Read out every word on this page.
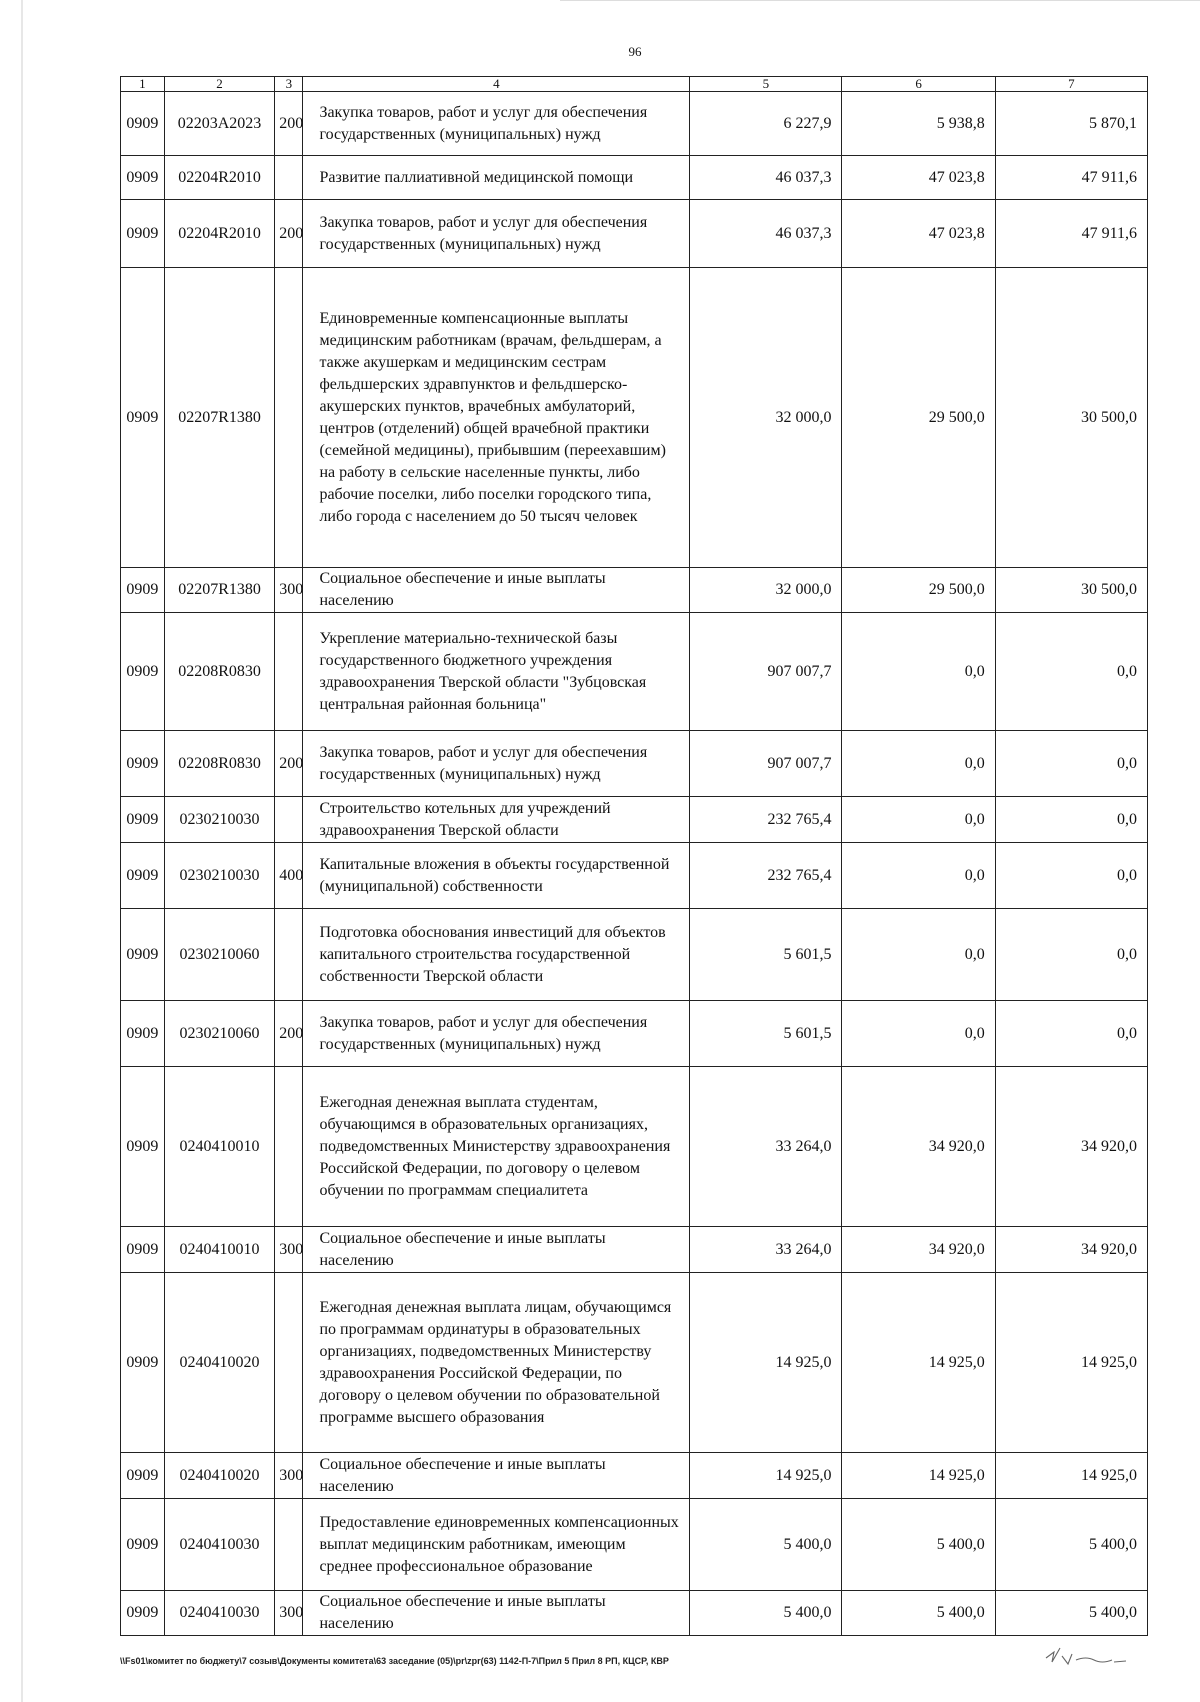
96
1	2	3	4	5	6	7
0909	02203A2023	200	Закупка товаров, работ и услуг для обеспечения государственных (муниципальных) нужд	6 227,9	5 938,8	5 870,1
0909	02204R2010		Развитие паллиативной медицинской помощи	46 037,3	47 023,8	47 911,6
0909	02204R2010	200	Закупка товаров, работ и услуг для обеспечения государственных (муниципальных) нужд	46 037,3	47 023,8	47 911,6
0909	02207R1380		Единовременные компенсационные выплаты медицинским работникам (врачам, фельдшерам, а также акушеркам и медицинским сестрам фельдшерских здравпунктов и фельдшерско-акушерских пунктов, врачебных амбулаторий, центров (отделений) общей врачебной практики (семейной медицины), прибывшим (переехавшим) на работу в сельские населенные пункты, либо рабочие поселки, либо поселки городского типа, либо города с населением до 50 тысяч человек	32 000,0	29 500,0	30 500,0
0909	02207R1380	300	Социальное обеспечение и иные выплаты населению	32 000,0	29 500,0	30 500,0
0909	02208R0830		Укрепление материально-технической базы государственного бюджетного учреждения здравоохранения Тверской области "Зубцовская центральная районная больница"	907 007,7	0,0	0,0
0909	02208R0830	200	Закупка товаров, работ и услуг для обеспечения государственных (муниципальных) нужд	907 007,7	0,0	0,0
0909	0230210030		Строительство котельных для учреждений здравоохранения Тверской области	232 765,4	0,0	0,0
0909	0230210030	400	Капитальные вложения в объекты государственной (муниципальной) собственности	232 765,4	0,0	0,0
0909	0230210060		Подготовка обоснования инвестиций для объектов капитального строительства государственной собственности Тверской области	5 601,5	0,0	0,0
0909	0230210060	200	Закупка товаров, работ и услуг для обеспечения государственных (муниципальных) нужд	5 601,5	0,0	0,0
0909	0240410010		Ежегодная денежная выплата студентам, обучающимся в образовательных организациях, подведомственных Министерству здравоохранения Российской Федерации, по договору о целевом обучении по программам специалитета	33 264,0	34 920,0	34 920,0
0909	0240410010	300	Социальное обеспечение и иные выплаты населению	33 264,0	34 920,0	34 920,0
0909	0240410020		Ежегодная денежная выплата лицам, обучающимся по программам ординатуры в образовательных организациях, подведомственных Министерству здравоохранения Российской Федерации, по договору о целевом обучении по образовательной программе высшего образования	14 925,0	14 925,0	14 925,0
0909	0240410020	300	Социальное обеспечение и иные выплаты населению	14 925,0	14 925,0	14 925,0
0909	0240410030		Предоставление единовременных компенсационных выплат медицинским работникам, имеющим среднее профессиональное образование	5 400,0	5 400,0	5 400,0
0909	0240410030	300	Социальное обеспечение и иные выплаты населению	5 400,0	5 400,0	5 400,0
\\Fs01\комитет по бюджету\7 созыв\Документы комитета\63 заседание (05)\pr\zpr(63) 1142-П-7\Прил 5 Прил 8 РП, КЦСР, КВР
